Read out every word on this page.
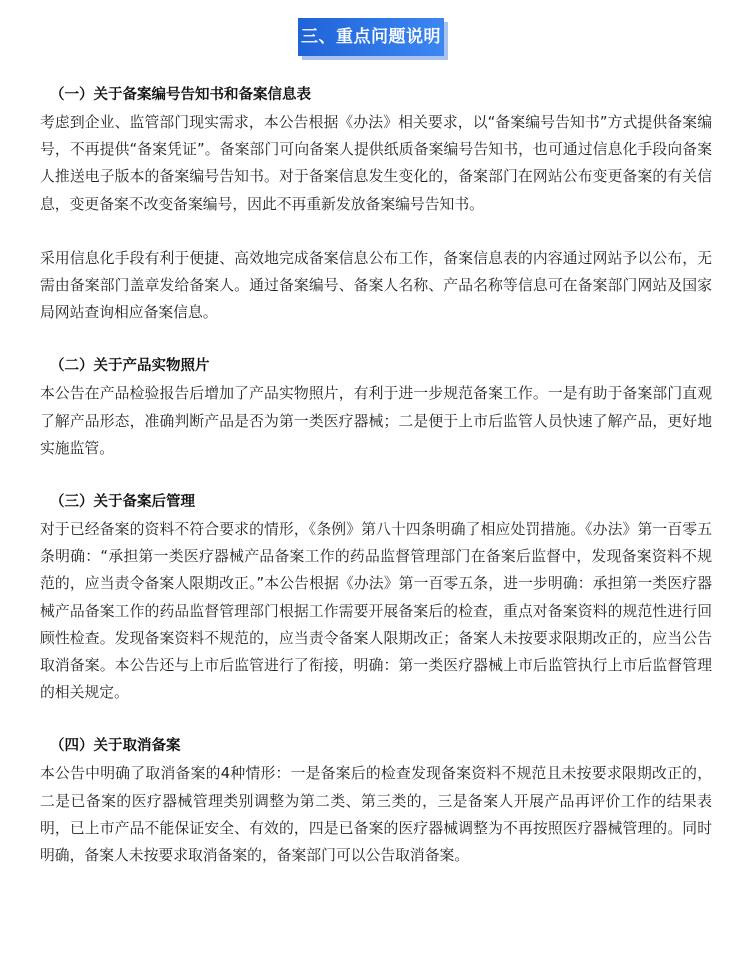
三、重点问题说明

（一）关于备案编号告知书和备案信息表

考虑到企业、监管部门现实需求，本公告根据《办法》相关要求，以“备案编号告知书”方式提供备案编号，不再提供“备案凭证”。备案部门可向备案人提供纸质备案编号告知书，也可通过信息化手段向备案人推送电子版本的备案编号告知书。对于备案信息发生变化的，备案部门在网站公布变更备案的有关信息，变更备案不改变备案编号，因此不再重新发放备案编号告知书。

采用信息化手段有利于便捷、高效地完成备案信息公布工作，备案信息表的内容通过网站予以公布，无需由备案部门盖章发给备案人。通过备案编号、备案人名称、产品名称等信息可在备案部门网站及国家局网站查询相应备案信息。

（二）关于产品实物照片

本公告在产品检验报告后增加了产品实物照片，有利于进一步规范备案工作。一是有助于备案部门直观了解产品形态，准确判断产品是否为第一类医疗器械；二是便于上市后监管人员快速了解产品，更好地实施监管。

（三）关于备案后管理

对于已经备案的资料不符合要求的情形，《条例》第八十四条明确了相应处罚措施。《办法》第一百零五条明确：“承担第一类医疗器械产品备案工作的药品监督管理部门在备案后监督中，发现备案资料不规范的，应当责令备案人限期改正。”本公告根据《办法》第一百零五条，进一步明确：承担第一类医疗器械产品备案工作的药品监督管理部门根据工作需要开展备案后的检查，重点对备案资料的规范性进行回顾性检查。发现备案资料不规范的，应当责令备案人限期改正；备案人未按要求限期改正的，应当公告取消备案。本公告还与上市后监管进行了衔接，明确：第一类医疗器械上市后监管执行上市后监督管理的相关规定。

（四）关于取消备案

本公告中明确了取消备案的4种情形：一是备案后的检查发现备案资料不规范且未按要求限期改正的，二是已备案的医疗器械管理类别调整为第二类、第三类的，三是备案人开展产品再评价工作的结果表明，已上市产品不能保证安全、有效的，四是已备案的医疗器械调整为不再按照医疗器械管理的。同时明确，备案人未按要求取消备案的，备案部门可以公告取消备案。
